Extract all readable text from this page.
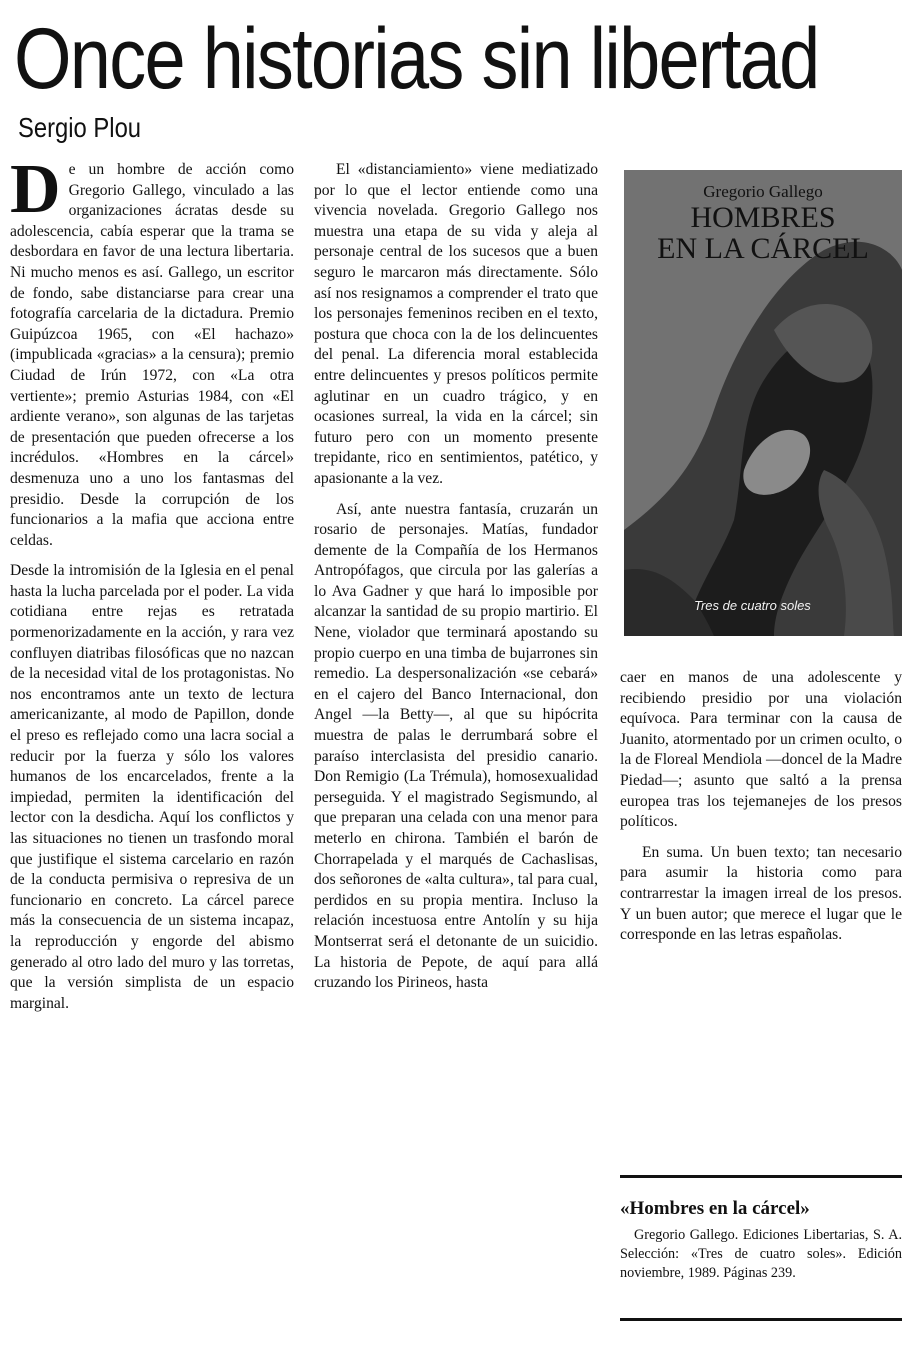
Once historias sin libertad
Sergio Plou

De un hombre de acción como Gregorio Gallego, vinculado a las organizaciones ácratas desde su adolescencia, cabía esperar que la trama se desbordara en favor de una lectura libertaria. Ni mucho menos es así. Gallego, un escritor de fondo, sabe distanciarse para crear una fotografía carcelaria de la dictadura. Premio Guipúzcoa 1965, con «El hachazo» (impublicada «gracias» a la censura); premio Ciudad de Irún 1972, con «La otra vertiente»; premio Asturias 1984, con «El ardiente verano», son algunas de las tarjetas de presentación que pueden ofrecerse a los incrédulos. «Hombres en la cárcel» desmenuza uno a uno los fantasmas del presidio. Desde la corrupción de los funcionarios a la mafia que acciona entre celdas.

Desde la intromisión de la Iglesia en el penal hasta la lucha parcelada por el poder. La vida cotidiana entre rejas es retratada pormenorizadamente en la acción, y rara vez confluyen diatribas filosóficas que no nazcan de la necesidad vital de los protagonistas. No nos encontramos ante un texto de lectura americanizante, al modo de Papillon, donde el preso es reflejado como una lacra social a reducir por la fuerza y sólo los valores humanos de los encarcelados, frente a la impiedad, permiten la identificación del lector con la desdicha. Aquí los conflictos y las situaciones no tienen un trasfondo moral que justifique el sistema carcelario en razón de la conducta permisiva o represiva de un funcionario en concreto. La cárcel parece más la consecuencia de un sistema incapaz, la reproducción y engorde del abismo generado al otro lado del muro y las torretas, que la versión simplista de un espacio marginal.

El «distanciamiento» viene mediatizado por lo que el lector entiende como una vivencia novelada. Gregorio Gallego nos muestra una etapa de su vida y aleja al personaje central de los sucesos que a buen seguro le marcaron más directamente. Sólo así nos resignamos a comprender el trato que los personajes femeninos reciben en el texto, postura que choca con la de los delincuentes del penal. La diferencia moral establecida entre delincuentes y presos políticos permite aglutinar en un cuadro trágico, y en ocasiones surreal, la vida en la cárcel; sin futuro pero con un momento presente trepidante, rico en sentimientos, patético, y apasionante a la vez.

Así, ante nuestra fantasía, cruzarán un rosario de personajes. Matías, fundador demente de la Compañía de los Hermanos Antropófagos, que circula por las galerías a lo Ava Gadner y que hará lo imposible por alcanzar la santidad de su propio martirio. El Nene, violador que terminará apostando su propio cuerpo en una timba de bujarrones sin remedio. La despersonalización «se cebará» en el cajero del Banco Internacional, don Angel —la Betty—, al que su hipócrita muestra de palas le derrumbará sobre el paraíso interclasista del presidio canario. Don Remigio (La Trémula), homosexualidad perseguida. Y el magistrado Segismundo, al que preparan una celada con una menor para meterlo en chirona. También el barón de Chorrapelada y el marqués de Cachaslisas, dos señorones de «alta cultura», tal para cual, perdidos en su propia mentira. Incluso la relación incestuosa entre Antolín y su hija Montserrat será el detonante de un suicidio. La historia de Pepote, de aquí para allá cruzando los Pirineos, hasta

Gregorio Gallego
HOMBRES
EN LA CÁRCEL
Tres de cuatro soles

caer en manos de una adolescente y recibiendo presidio por una violación equívoca. Para terminar con la causa de Juanito, atormentado por un crimen oculto, o la de Floreal Mendiola —doncel de la Madre Piedad—; asunto que saltó a la prensa europea tras los tejemanejes de los presos políticos.

En suma. Un buen texto; tan necesario para asumir la historia como para contrarrestar la imagen irreal de los presos. Y un buen autor; que merece el lugar que le corresponde en las letras españolas.

«Hombres en la cárcel»
Gregorio Gallego. Ediciones Libertarias, S. A. Selección: «Tres de cuatro soles». Edición noviembre, 1989. Páginas 239.
